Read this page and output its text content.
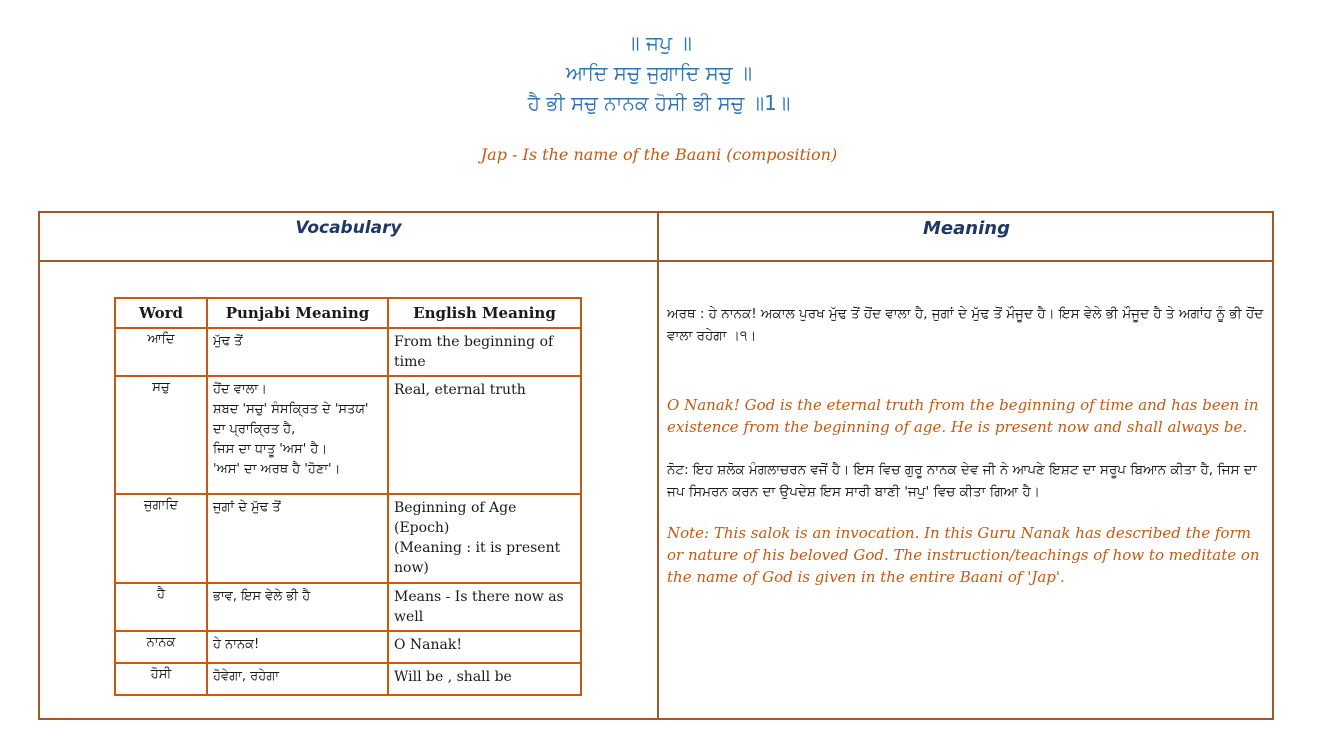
॥ ਜਪੁ ॥
ਆਦਿ ਸਚੁ ਜੁਗਾਦਿ ਸਚੁ ॥
ਹੈ ਭੀ ਸਚੁ ਨਾਨਕ ਹੋਸੀ ਭੀ ਸਚੁ ॥1॥
Jap - Is the name of the Baani (composition)
Vocabulary	Meaning
Word	Punjabi Meaning	English Meaning
ਆਦਿ	ਮੁੱਢ ਤੋਂ	From the beginning of time
ਸਚੁ	ਹੋਂਦ ਵਾਲਾ।
ਸ਼ਬਦ 'ਸਚੁ' ਸੰਸਕ੍ਰਿਤ ਦੇ 'ਸਤਯ' ਦਾ ਪ੍ਰਾਕ੍ਰਿਤ ਹੈ,
ਜਿਸ ਦਾ ਧਾਤੂ 'ਅਸ' ਹੈ।
'ਅਸ' ਦਾ ਅਰਥ ਹੈ 'ਹੋਣਾ'।	Real, eternal truth
ਜੁਗਾਦਿ	ਜੁਗਾਂ ਦੇ ਮੁੱਢ ਤੋਂ	Beginning of Age (Epoch)
(Meaning : it is present now)
ਹੈ	ਭਾਵ, ਇਸ ਵੇਲੇ ਭੀ ਹੈ	Means - Is there now as well
ਨਾਨਕ	ਹੇ ਨਾਨਕ!	O Nanak!
ਹੋਸੀ	ਹੋਵੇਗਾ, ਰਹੇਗਾ	Will be , shall be
ਅਰਥ : ਹੇ ਨਾਨਕ! ਅਕਾਲ ਪੁਰਖ ਮੁੱਢ ਤੋਂ ਹੋਂਦ ਵਾਲਾ ਹੈ, ਜੁਗਾਂ ਦੇ ਮੁੱਢ ਤੋਂ ਮੌਜੂਦ ਹੈ। ਇਸ ਵੇਲੇ ਭੀ ਮੌਜੂਦ ਹੈ ਤੇ ਅਗਾਂਹ ਨੂੰ ਭੀ ਹੋਂਦ ਵਾਲਾ ਰਹੇਗਾ ।੧।
O Nanak! God is the eternal truth from the beginning of time and has been in existence from the beginning of age. He is present now and shall always be.
ਨੋਟ: ਇਹ ਸ਼ਲੋਕ ਮੰਗਲਾਚਰਨ ਵਜੋਂ ਹੈ। ਇਸ ਵਿਚ ਗੁਰੂ ਨਾਨਕ ਦੇਵ ਜੀ ਨੇ ਆਪਣੇ ਇਸ਼ਟ ਦਾ ਸਰੂਪ ਬਿਆਨ ਕੀਤਾ ਹੈ, ਜਿਸ ਦਾ ਜਪ ਸਿਮਰਨ ਕਰਨ ਦਾ ਉਪਦੇਸ਼ ਇਸ ਸਾਰੀ ਬਾਣੀ 'ਜਪੁ' ਵਿਚ ਕੀਤਾ ਗਿਆ ਹੈ।
Note: This salok is an invocation. In this Guru Nanak has described the form or nature of his beloved God. The instruction/teachings of how to meditate on the name of God is given in the entire Baani of 'Jap'.
